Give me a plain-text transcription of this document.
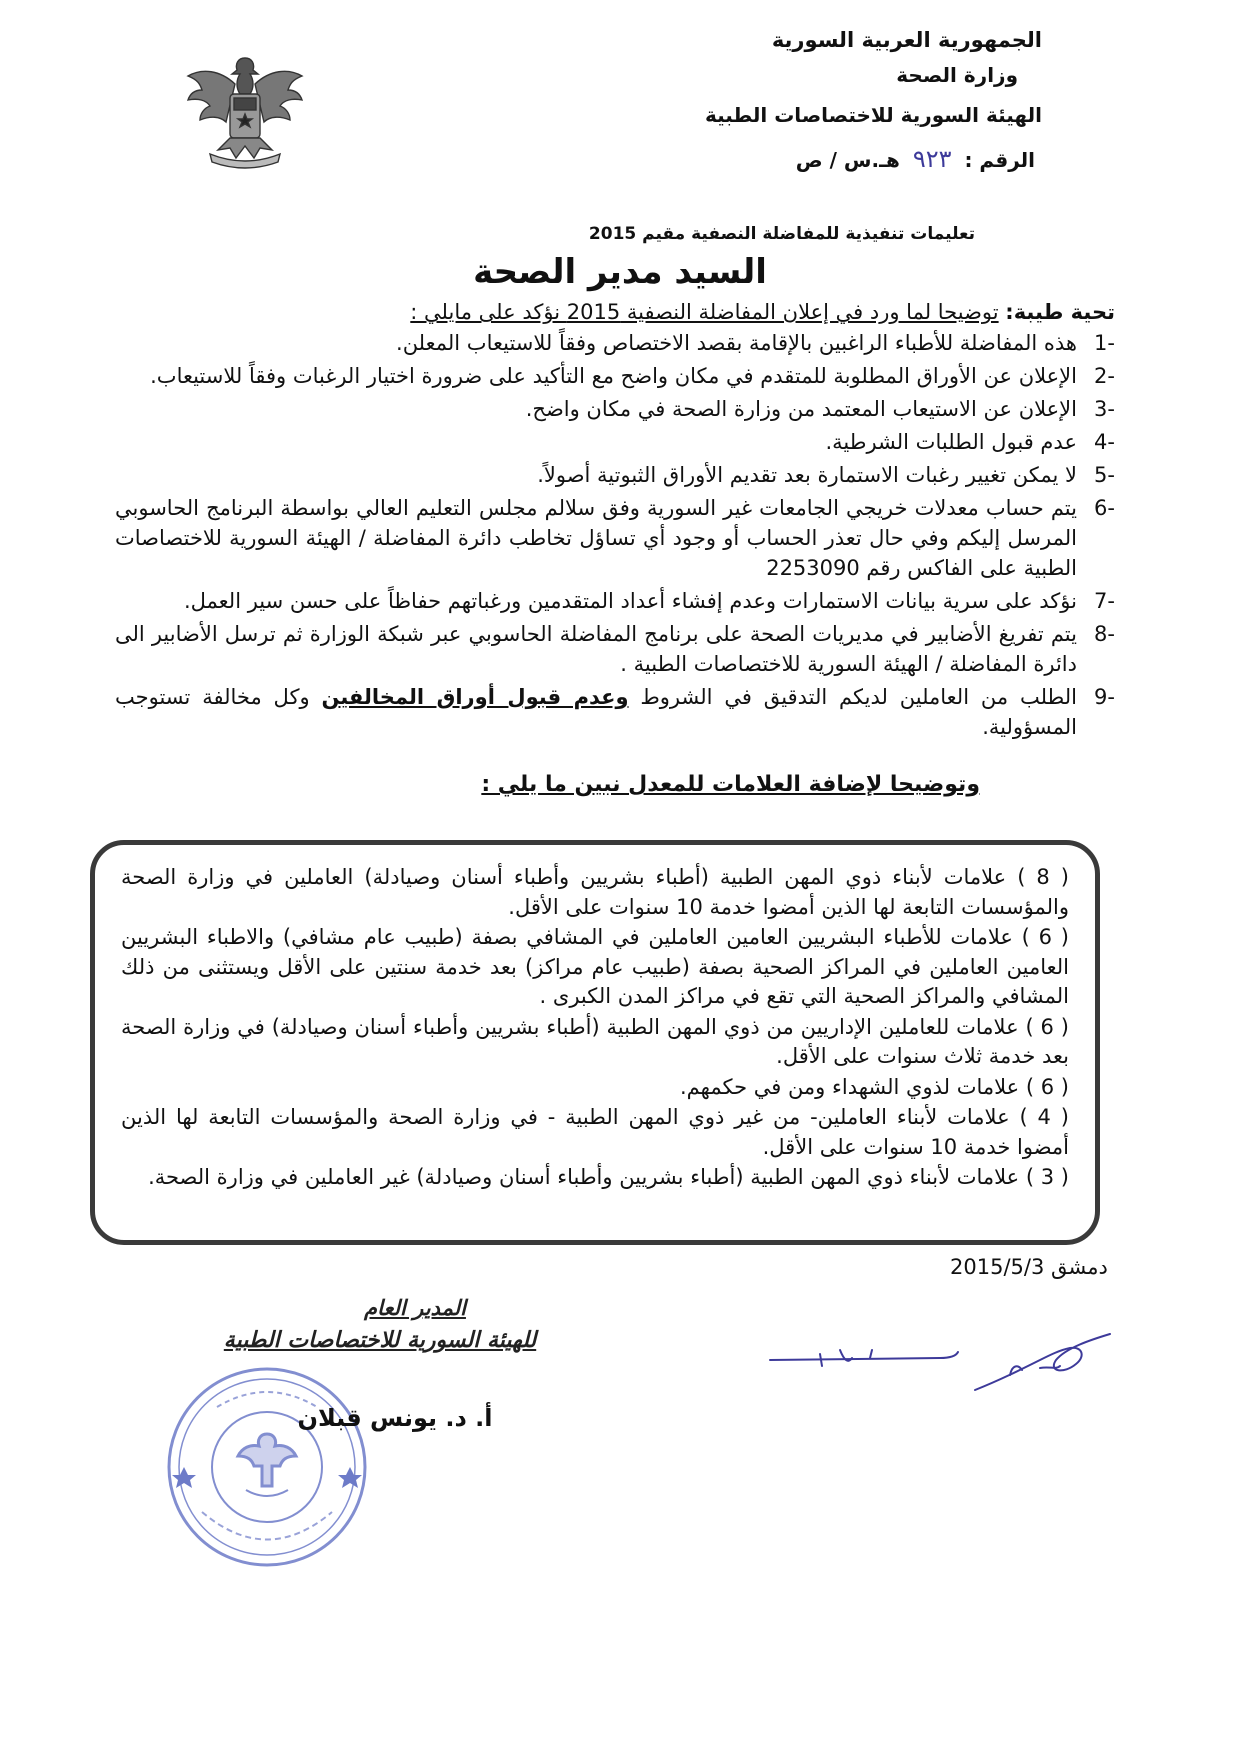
الجمهورية العربية السورية
وزارة الصحة
الهيئة السورية للاختصاصات الطبية
الرقم : ٩٢٣ هـ.س / ص
تعليمات تنفيذية للمفاضلة النصفية مقيم 2015
السيد مدير الصحة
تحية طيبة: توضيحا لما ورد في إعلان المفاضلة النصفية 2015 نؤكد على مايلي :
-1
هذه المفاضلة للأطباء الراغبين بالإقامة بقصد الاختصاص وفقاً للاستيعاب المعلن.
-2
الإعلان عن الأوراق المطلوبة للمتقدم في مكان واضح مع التأكيد على ضرورة اختيار الرغبات وفقاً للاستيعاب.
-3
الإعلان عن الاستيعاب المعتمد من وزارة الصحة في مكان واضح.
-4
عدم قبول الطلبات الشرطية.
-5
لا يمكن تغيير رغبات الاستمارة بعد تقديم الأوراق الثبوتية أصولاً.
-6
يتم حساب معدلات خريجي الجامعات غير السورية وفق سلالم مجلس التعليم العالي بواسطة البرنامج الحاسوبي المرسل إليكم وفي حال تعذر الحساب أو وجود أي تساؤل تخاطب دائرة المفاضلة / الهيئة السورية للاختصاصات الطبية على الفاكس رقم 2253090
-7
نؤكد على سرية بيانات الاستمارات وعدم إفشاء أعداد المتقدمين ورغباتهم حفاظاً على حسن سير العمل.
-8
يتم تفريغ الأضابير في مديريات الصحة على برنامج المفاضلة الحاسوبي عبر شبكة الوزارة ثم ترسل الأضابير الى دائرة المفاضلة / الهيئة السورية للاختصاصات الطبية .
-9
الطلب من العاملين لديكم التدقيق في الشروط وعدم قبول أوراق المخالفين وكل مخالفة تستوجب المسؤولية.
وتوضيحا لإضافة العلامات للمعدل نبين ما يلي :

( 8 ) علامات لأبناء ذوي المهن الطبية (أطباء بشريين وأطباء أسنان وصيادلة) العاملين في وزارة الصحة والمؤسسات التابعة لها الذين أمضوا خدمة 10 سنوات على الأقل.

( 6 ) علامات للأطباء البشريين العامين العاملين في المشافي بصفة (طبيب عام مشافي) والاطباء البشريين العامين العاملين في المراكز الصحية بصفة (طبيب عام مراكز) بعد خدمة سنتين على الأقل ويستثنى من ذلك المشافي والمراكز الصحية التي تقع في مراكز المدن الكبرى .

( 6 ) علامات للعاملين الإداريين من ذوي المهن الطبية (أطباء بشريين وأطباء أسنان وصيادلة) في وزارة الصحة بعد خدمة ثلاث سنوات على الأقل.

( 6 ) علامات لذوي الشهداء ومن في حكمهم.

( 4 ) علامات لأبناء العاملين- من غير ذوي المهن الطبية - في وزارة الصحة والمؤسسات التابعة لها الذين أمضوا خدمة 10 سنوات على الأقل.

( 3 ) علامات لأبناء ذوي المهن الطبية (أطباء بشريين وأطباء أسنان وصيادلة) غير العاملين في وزارة الصحة.

دمشق 2015/5/3
المدير العام
للهيئة السورية للاختصاصات الطبية
أ. د. يونس قبلان
